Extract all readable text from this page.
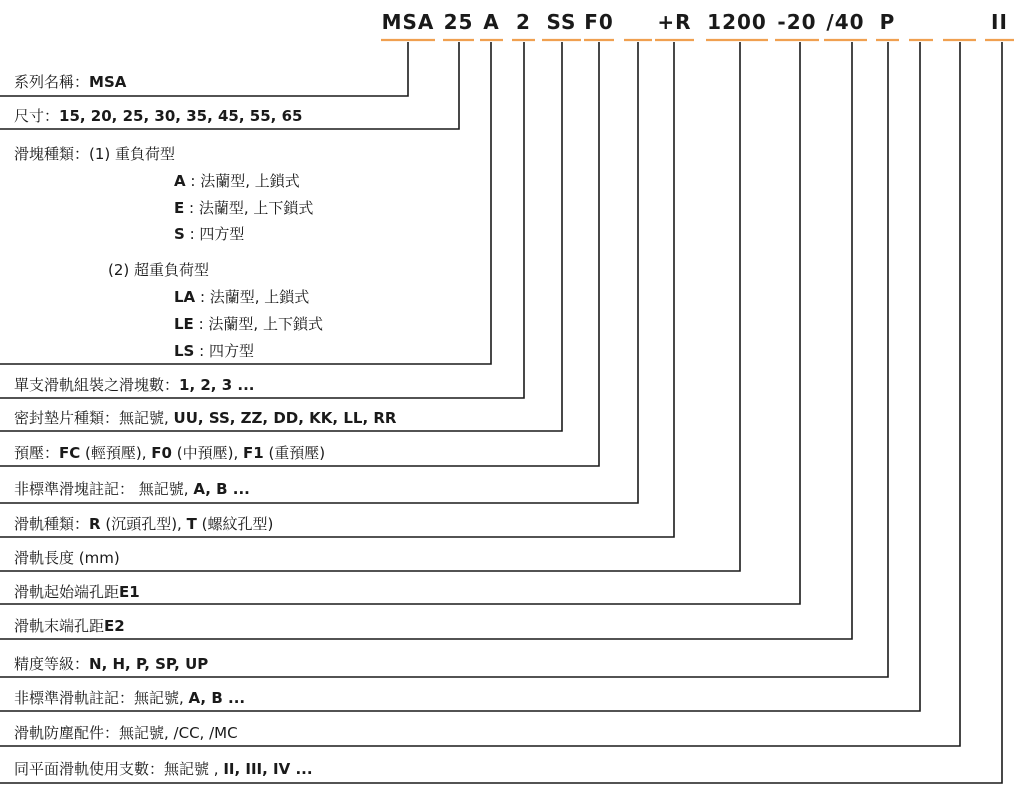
MSA 25 A 2 SS F0 +R 1200 -20 /40 P	II
系列名稱：MSA
尺寸：15, 20, 25, 30, 35, 45, 55, 65
滑塊種類：(1) 重負荷型
A : 法蘭型, 上鎖式
E : 法蘭型, 上下鎖式
S : 四方型
(2) 超重負荷型
LA : 法蘭型, 上鎖式
LE : 法蘭型, 上下鎖式
LS : 四方型
單支滑軌組裝之滑塊數：1, 2, 3 ...
密封墊片種類：無記號, UU, SS, ZZ, DD, KK, LL, RR
預壓：FC (輕預壓), F0 (中預壓), F1 (重預壓)
非標準滑塊註記： 無記號, A, B ...
滑軌種類：R (沉頭孔型), T (螺紋孔型)
滑軌長度 (mm)
滑軌起始端孔距E1
滑軌末端孔距E2
精度等級：N, H, P, SP, UP
非標準滑軌註記：無記號, A, B ...
滑軌防塵配件：無記號, /CC, /MC
同平面滑軌使用支數：無記號 , II, III, IV ...
